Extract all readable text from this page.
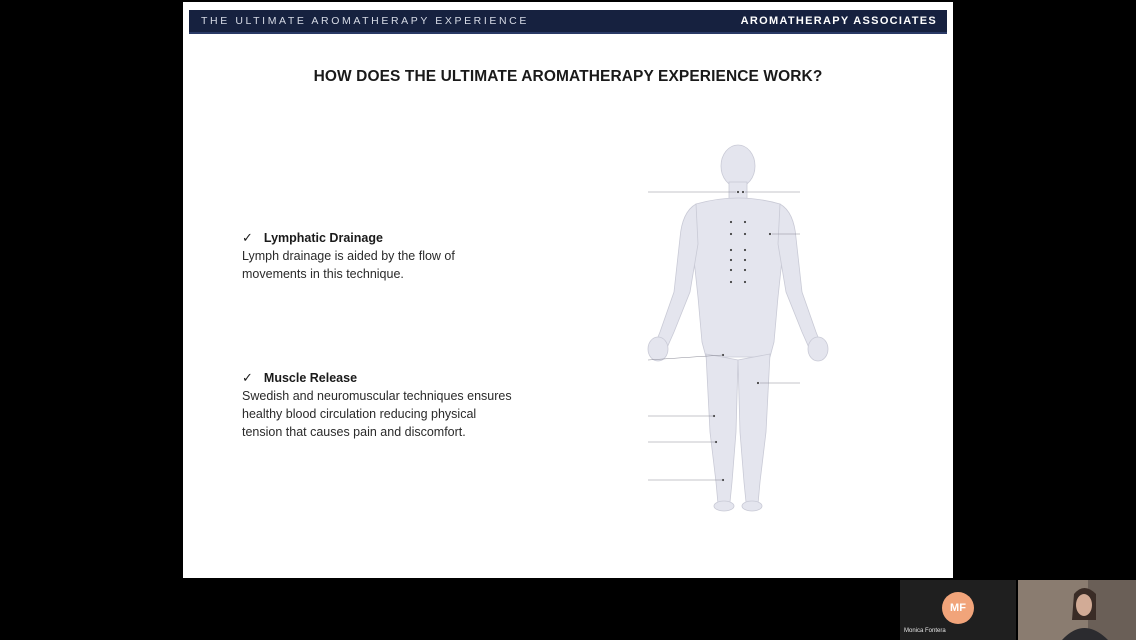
THE ULTIMATE AROMATHERAPY EXPERIENCE	AROMATHERAPY ASSOCIATES
HOW DOES THE ULTIMATE AROMATHERAPY EXPERIENCE WORK?
✓ Lymphatic Drainage
Lymph drainage is aided by the flow of
movements in this technique.
✓ Muscle Release
Swedish and neuromuscular techniques ensures
healthy blood circulation reducing physical
tension that causes pain and discomfort.
MF
Monica Fontera
